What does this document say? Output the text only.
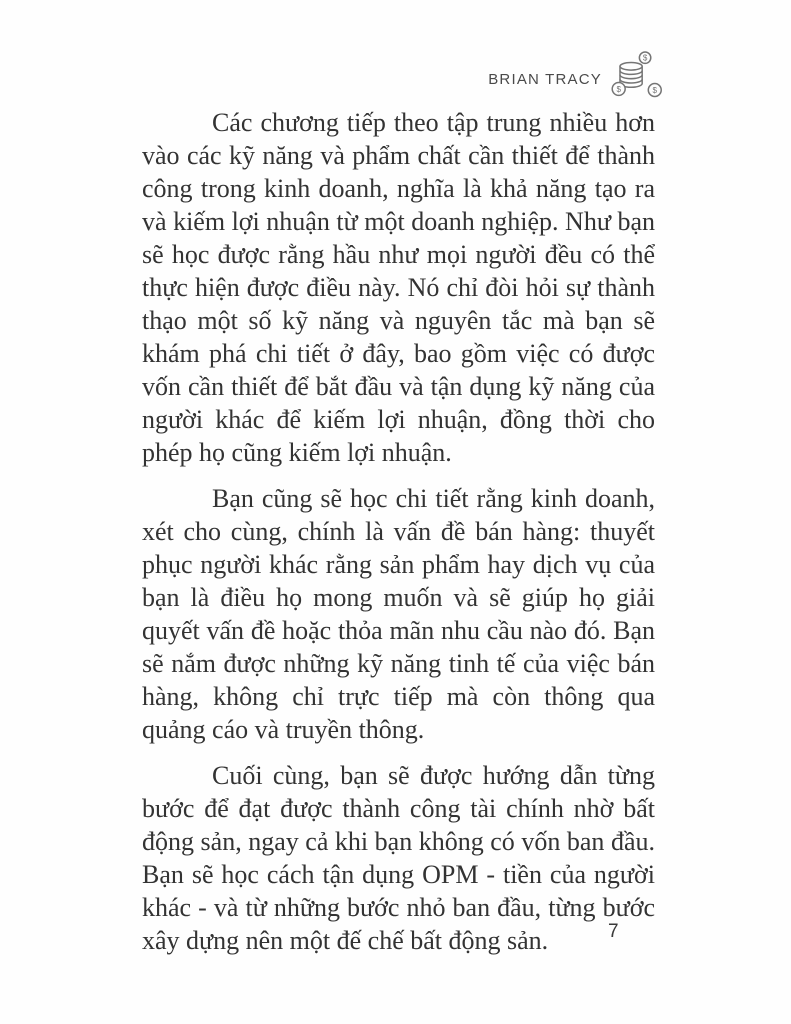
BRIAN TRACY
$
$	$

Các chương tiếp theo tập trung nhiều hơn vào các kỹ năng và phẩm chất cần thiết để thành công trong kinh doanh, nghĩa là khả năng tạo ra và kiếm lợi nhuận từ một doanh nghiệp. Như bạn sẽ học được rằng hầu như mọi người đều có thể thực hiện được điều này. Nó chỉ đòi hỏi sự thành thạo một số kỹ năng và nguyên tắc mà bạn sẽ khám phá chi tiết ở đây, bao gồm việc có được vốn cần thiết để bắt đầu và tận dụng kỹ năng của người khác để kiếm lợi nhuận, đồng thời cho phép họ cũng kiếm lợi nhuận.

Bạn cũng sẽ học chi tiết rằng kinh doanh, xét cho cùng, chính là vấn đề bán hàng: thuyết phục người khác rằng sản phẩm hay dịch vụ của bạn là điều họ mong muốn và sẽ giúp họ giải quyết vấn đề hoặc thỏa mãn nhu cầu nào đó. Bạn sẽ nắm được những kỹ năng tinh tế của việc bán hàng, không chỉ trực tiếp mà còn thông qua quảng cáo và truyền thông.

Cuối cùng, bạn sẽ được hướng dẫn từng bước để đạt được thành công tài chính nhờ bất động sản, ngay cả khi bạn không có vốn ban đầu. Bạn sẽ học cách tận dụng OPM - tiền của người khác - và từ những bước nhỏ ban đầu, từng bước xây dựng nên một đế chế bất động sản.	7
